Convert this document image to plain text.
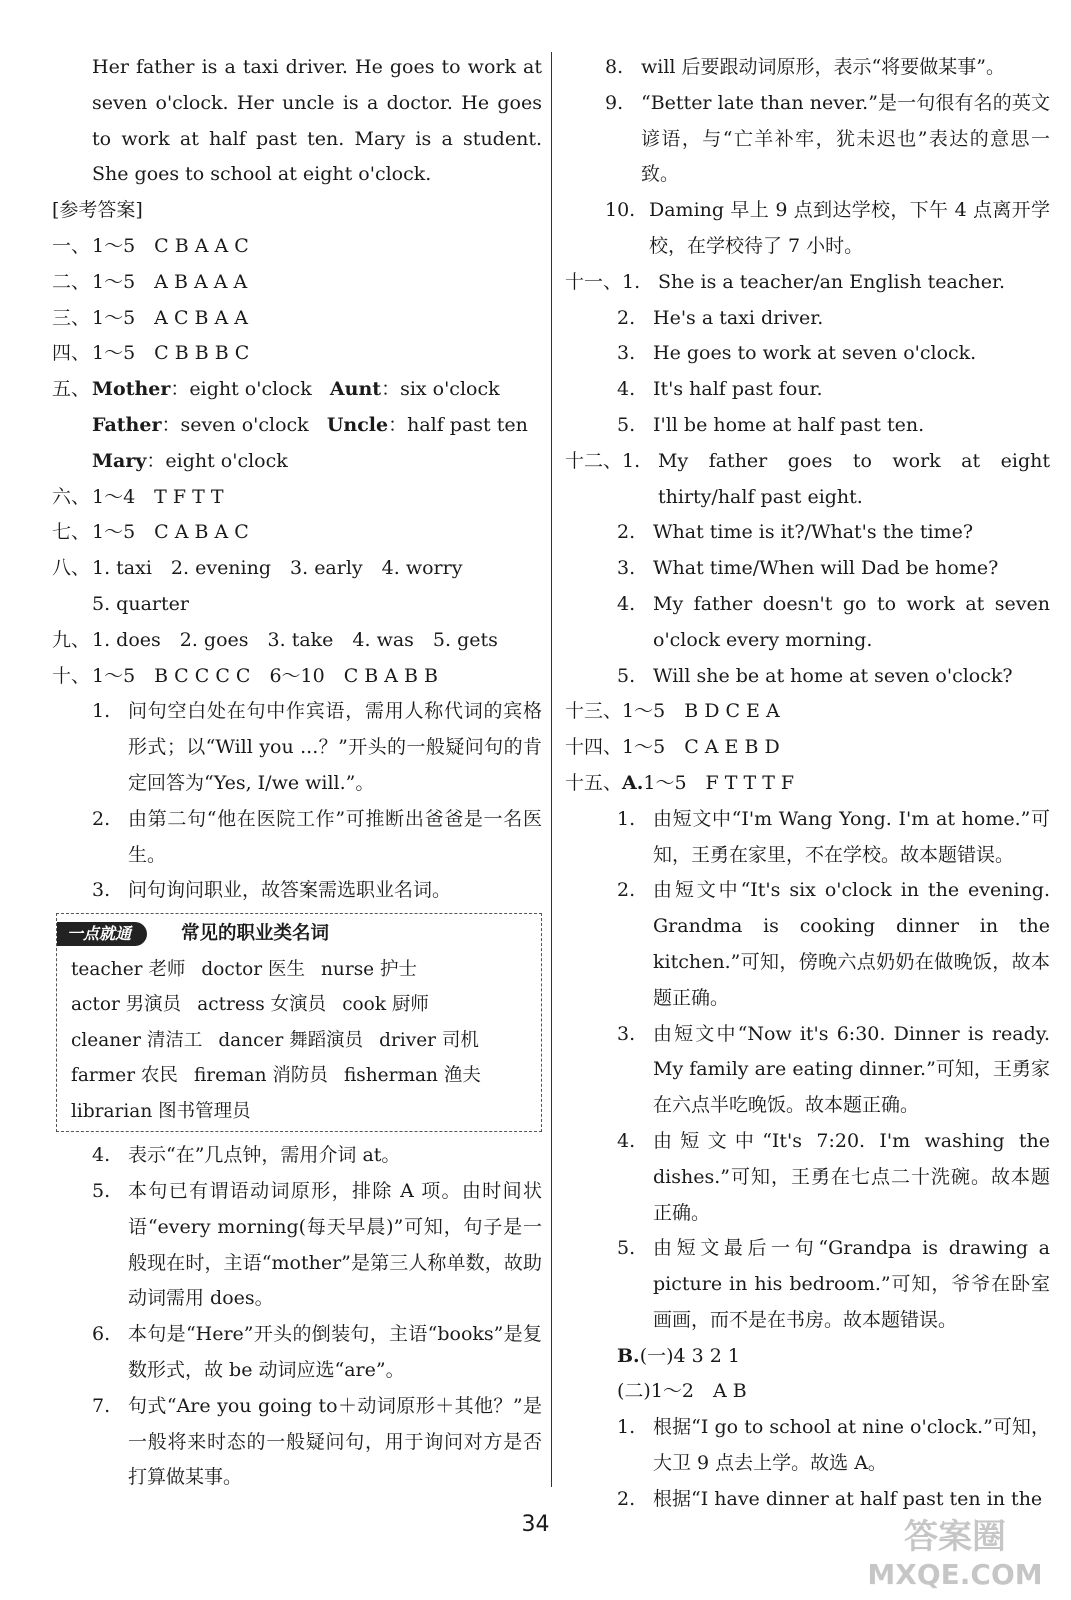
Her father is a taxi driver. He goes to work at seven o'clock. Her uncle is a doctor. He goes to work at half past ten. Mary is a student. She goes to school at eight o'clock.

[参考答案]

一、 1～5　C B A A C
二、 1～5　A B A A A
三、 1～5　A C B A A
四、 1～5　C B B B C
五、 Mother：eight o'clock Aunt：six o'clock
Father：seven o'clock Uncle：half past ten
Mary：eight o'clock
六、 1～4　T F T T
七、 1～5　C A B A C
八、 1. taxi　2. evening　3. early　4. worry
5. quarter
九、 1. does　2. goes　3. take　4. was　5. gets
十、 1～5　B C C C C　6～10　C B A B B
1. 问句空白处在句中作宾语，需用人称代词的宾格形式；以“Will you ...？”开头的一般疑问句的肯定回答为“Yes, I/we will.”。
2. 由第二句“他在医院工作”可推断出爸爸是一名医生。
3. 问句询问职业，故答案需选职业名词。
一点就通	常见的职业类名词
teacher 老师 doctor 医生 nurse 护士
actor 男演员 actress 女演员 cook 厨师
cleaner 清洁工 dancer 舞蹈演员 driver 司机
farmer 农民 fireman 消防员 fisherman 渔夫
librarian 图书管理员
4. 表示“在”几点钟，需用介词 at。
5. 本句已有谓语动词原形，排除 A 项。由时间状语“every morning(每天早晨)”可知，句子是一般现在时，主语“mother”是第三人称单数，故助动词需用 does。
6. 本句是“Here”开头的倒装句，主语“books”是复数形式，故 be 动词应选“are”。
7. 句式“Are you going to＋动词原形＋其他？”是一般将来时态的一般疑问句，用于询问对方是否打算做某事。
8. will 后要跟动词原形，表示“将要做某事”。
9. “Better late than never.”是一句很有名的英文谚语，与“亡羊补牢，犹未迟也”表达的意思一致。
10. Daming 早上 9 点到达学校，下午 4 点离开学校，在学校待了 7 小时。
十一、 1. She is a teacher/an English teacher.
2. He's a taxi driver.
3. He goes to work at seven o'clock.
4. It's half past four.
5. I'll be home at half past ten.
十二、 1. My father goes to work at eight thirty/half past eight.
2. What time is it?/What's the time?
3. What time/When will Dad be home?
4. My father doesn't go to work at seven o'clock every morning.
5. Will she be at home at seven o'clock?
十三、 1～5　B D C E A
十四、 1～5　C A E B D
十五、 A.1～5　F T T T F
1. 由短文中“I'm Wang Yong. I'm at home.”可知，王勇在家里，不在学校。故本题错误。
2. 由短文中“It's six o'clock in the evening. Grandma is cooking dinner in the kitchen.”可知，傍晚六点奶奶在做晚饭，故本题正确。
3. 由短文中“Now it's 6:30. Dinner is ready. My family are eating dinner.”可知，王勇家在六点半吃晚饭。故本题正确。
4. 由短文中“It's 7:20. I'm washing the dishes.”可知，王勇在七点二十洗碗。故本题正确。
5. 由短文最后一句“Grandpa is drawing a picture in his bedroom.”可知，爷爷在卧室画画，而不是在书房。故本题错误。
B.(一)4 3 2 1
(二)1～2　A B
1. 根据“I go to school at nine o'clock.”可知，大卫 9 点去上学。故选 A。
2. 根据“I have dinner at half past ten in the
34	答案圈
MXQE.COM
